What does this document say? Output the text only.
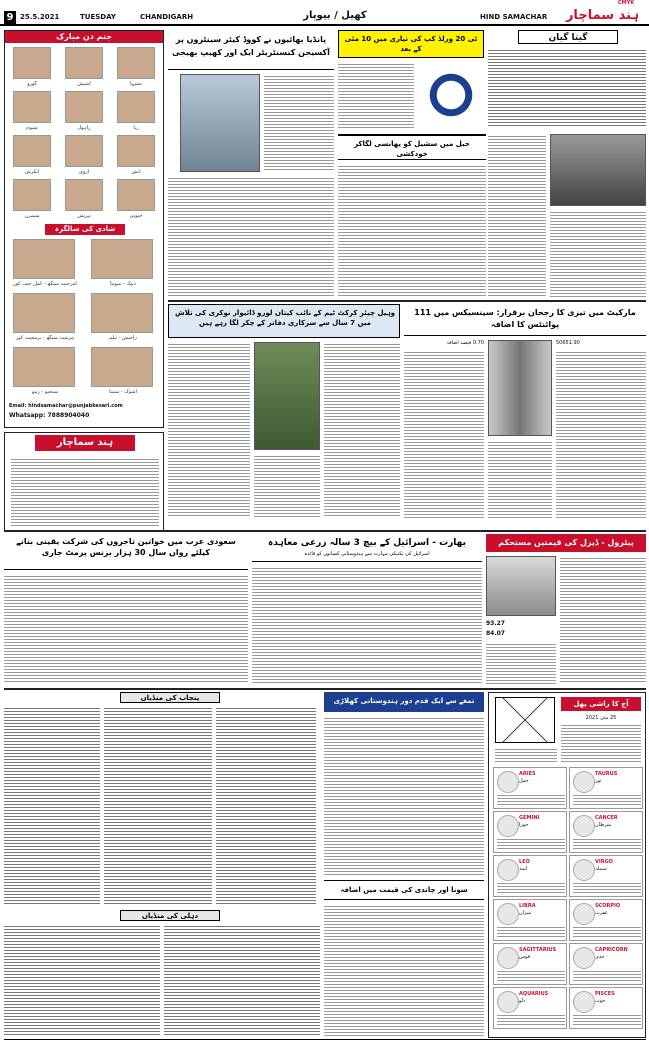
9 25.5.2021	TUESDAY	CHANDIGARH	کھیل / بیوپار	HIND SAMACHAR	ہند سماچار
CMYK
جنم دن مبارک
گورو	آشیش	سنیہا
شیوم	راہول	ریا
اتکرش	آروی	انش
سیمرن	ہریش	جیوتی
شادی کی سالگرہ
امرجیت سنگھ - کمل جیت کور	دیپک - سونیا
ہرمیت سنگھ - پرمجیت کور	راجیش - نیلم
سنجیو - ریتو	اشوک - سنیتا
Email: hindsamachar@punjabkesari.com
Whatsapp: 7888904040
ہند سماچار
گیتا گیان
ٹی 20 ورلڈ کپ کی تیاری میں 10 مئی کے بعد
پانڈیا بھائیوں نے کووڈ کیئر سینٹروں پر آکسیجن کنسنٹریٹر ایک اور کھیپ بھیجی
جیل میں سشیل کو پھانسی لگاکر خودکشی
وہیل چیئر کرکٹ ٹیم کے نائب کپتان لورو ڈائیوار نوکری کی تلاش میں 7 سال سے سرکاری دفاتر کے چکر لگا رہے ہیں
مارکیٹ میں تیزی کا رجحان برقرار: سینسیکس میں 111 پوائنٹس کا اضافہ
0.70 فیصد اضافہ	50651.90
سعودی عرب میں خواتین تاجروں کی شرکت یقینی بنانے کیلئے رواں سال 30 ہزار بزنس پرمٹ جاری
بھارت - اسرائیل کے بیچ 3 سالہ زرعی معاہدہ
اسرائیل کی تکنیکی مہارت سے ہندوستانی کسانوں کو فائدہ
پیٹرول - ڈیزل کی قیمتیں مستحکم
93.27
84.07
پنجاب کی منڈیاں
دہلی کی منڈیاں
تمغے سے ایک قدم دور ہندوستانی کھلاڑی
سونا اور چاندی کی قیمت میں اضافہ
آج کا راشی پھل
25 مئی 2021
ARIES
حمل
TAURUS
ثور
GEMINI
جوزا
CANCER
سرطان
LEO
اسد
VIRGO
سنبلہ
LIBRA
میزان
SCORPIO
عقرب
SAGITTARIUS
قوس
CAPRICORN
جدی
AQUARIUS
دلو
PISCES
حوت
